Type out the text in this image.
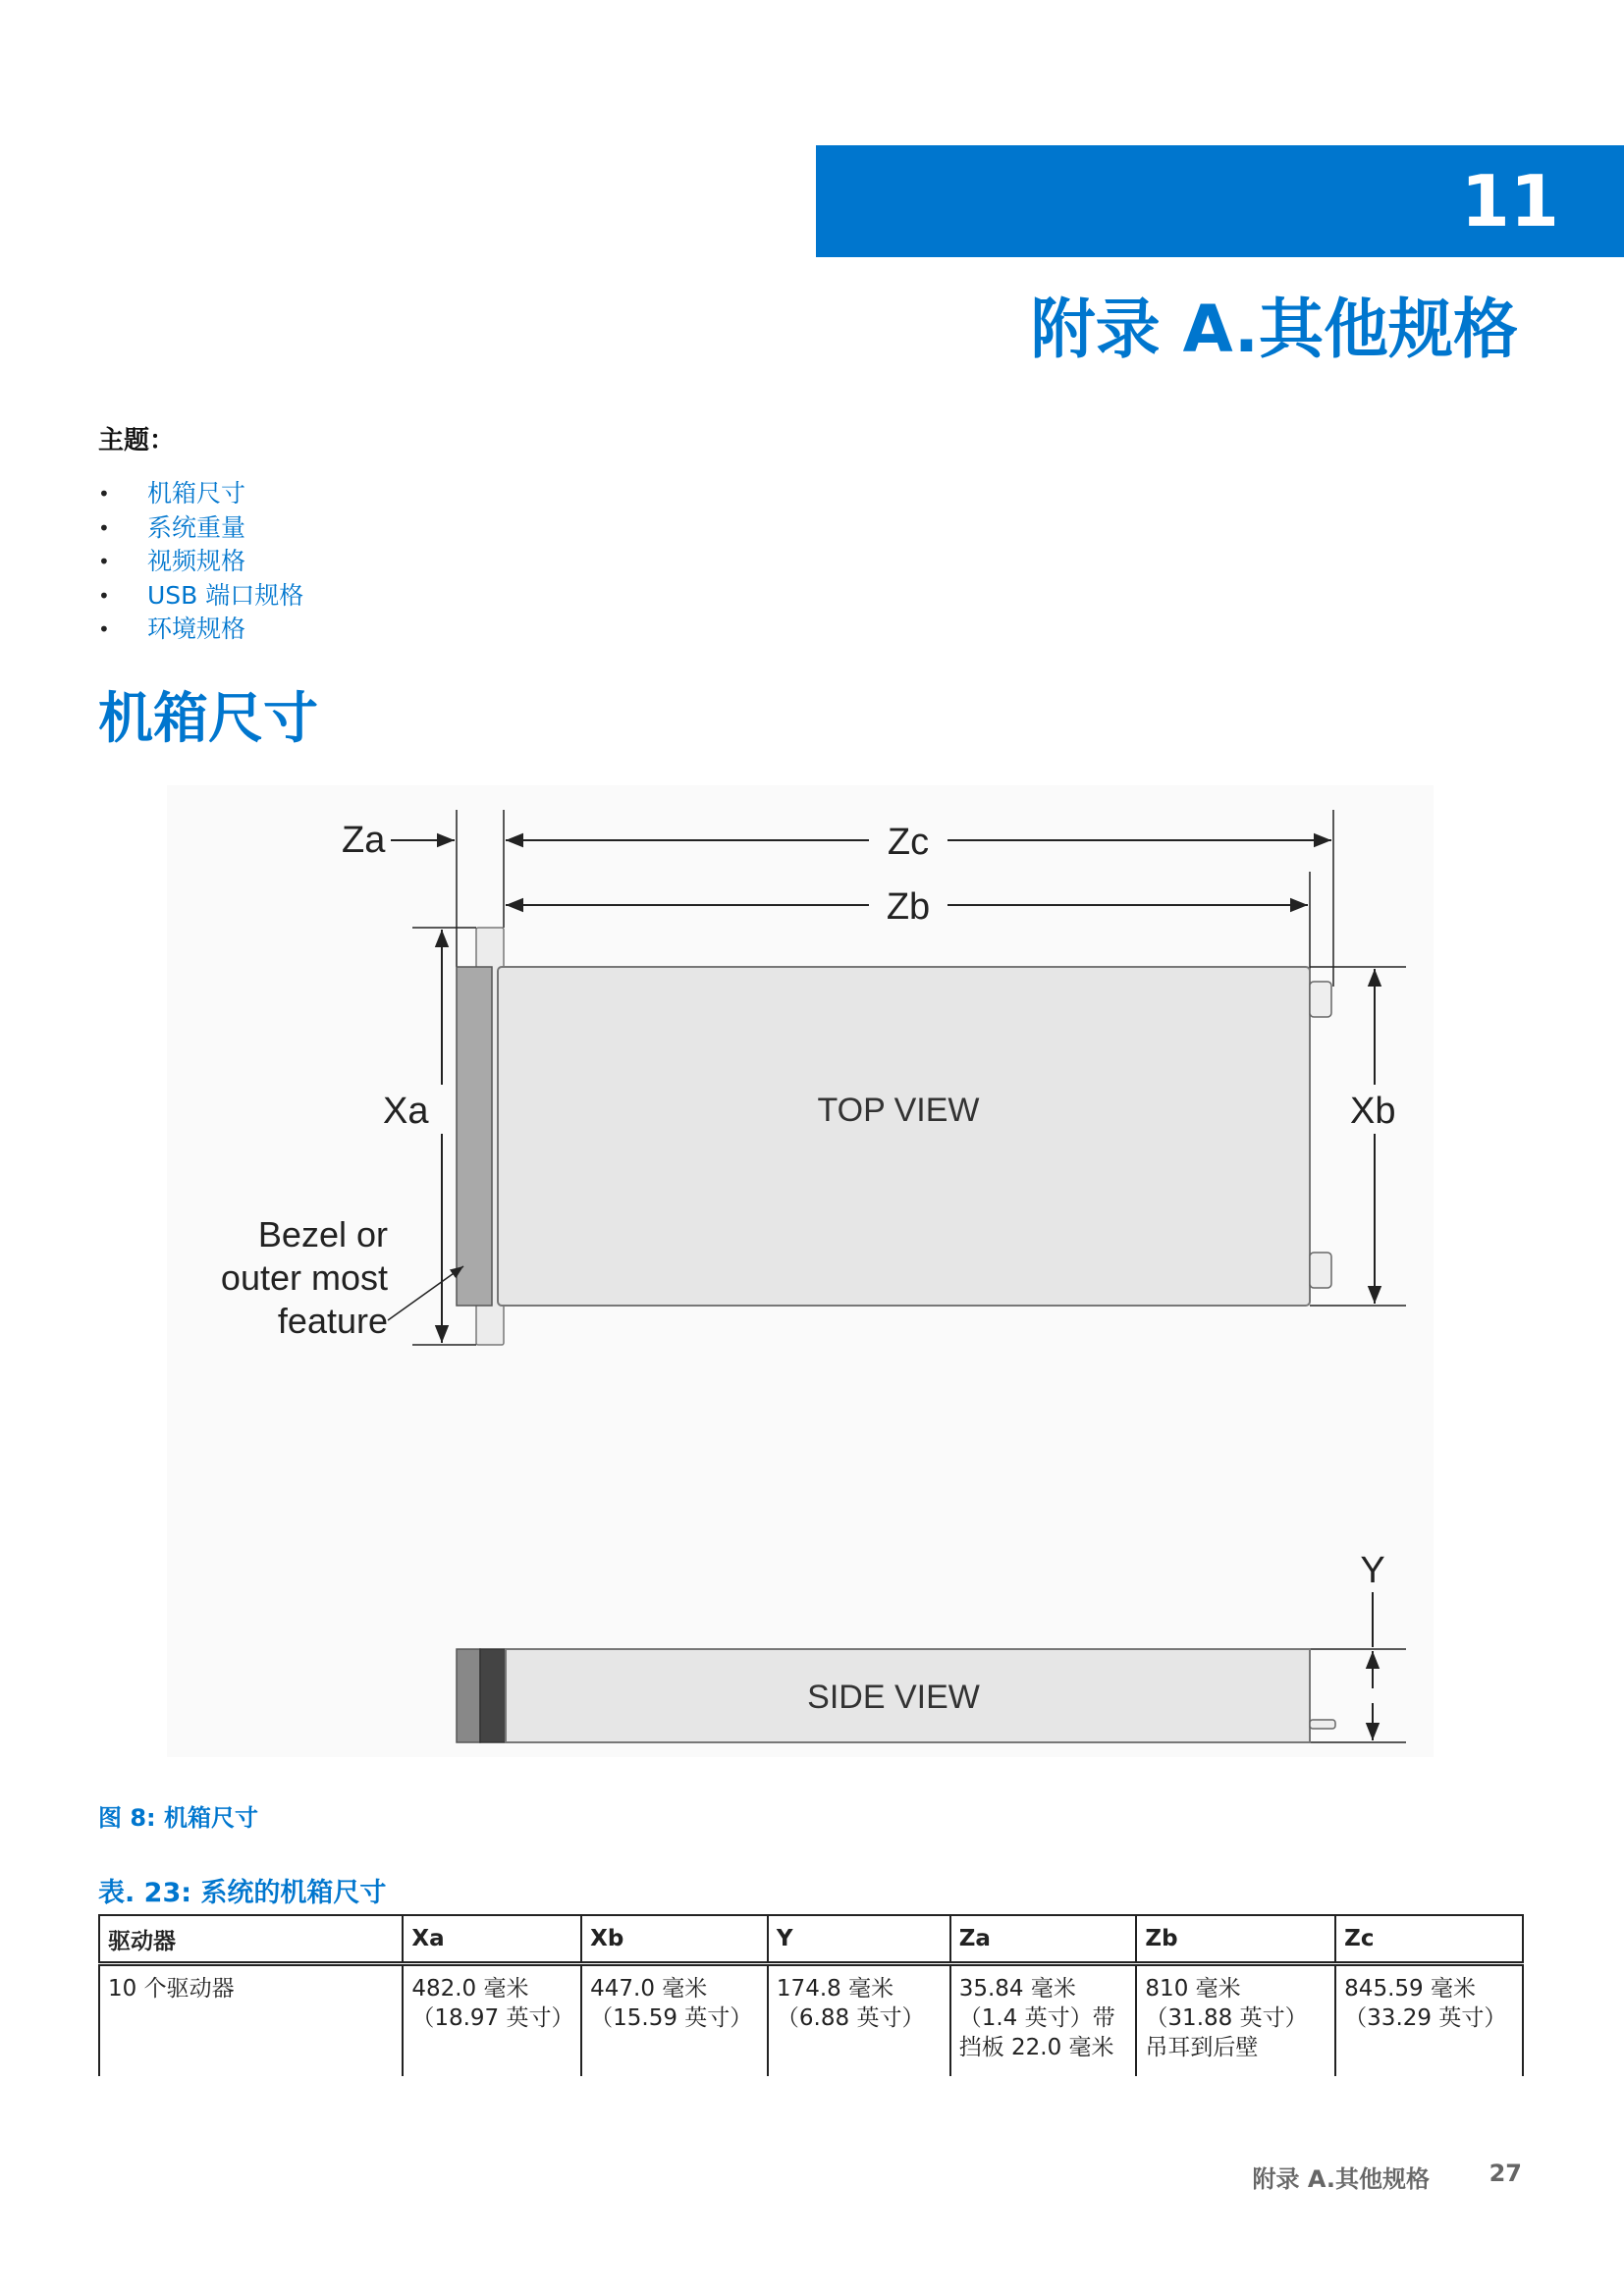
11
附录 A.其他规格
主题：
• 机箱尺寸
• 系统重量
• 视频规格
• USB 端口规格
• 环境规格
机箱尺寸
Za	Zc
Zb
TOP VIEW
Xa	Xb
Bezel or
outer most
feature
Y
SIDE VIEW
图 8: 机箱尺寸
表. 23: 系统的机箱尺寸
驱动器	Xa	Xb	Y	Za	Zb	Zc
10 个驱动器	482.0 毫米（18.97 英寸）	447.0 毫米（15.59 英寸）	174.8 毫米（6.88 英寸）	35.84 毫米（1.4 英寸）带挡板 22.0 毫米	810 毫米（31.88 英寸）吊耳到后壁	845.59 毫米（33.29 英寸）
附录 A.其他规格	27
